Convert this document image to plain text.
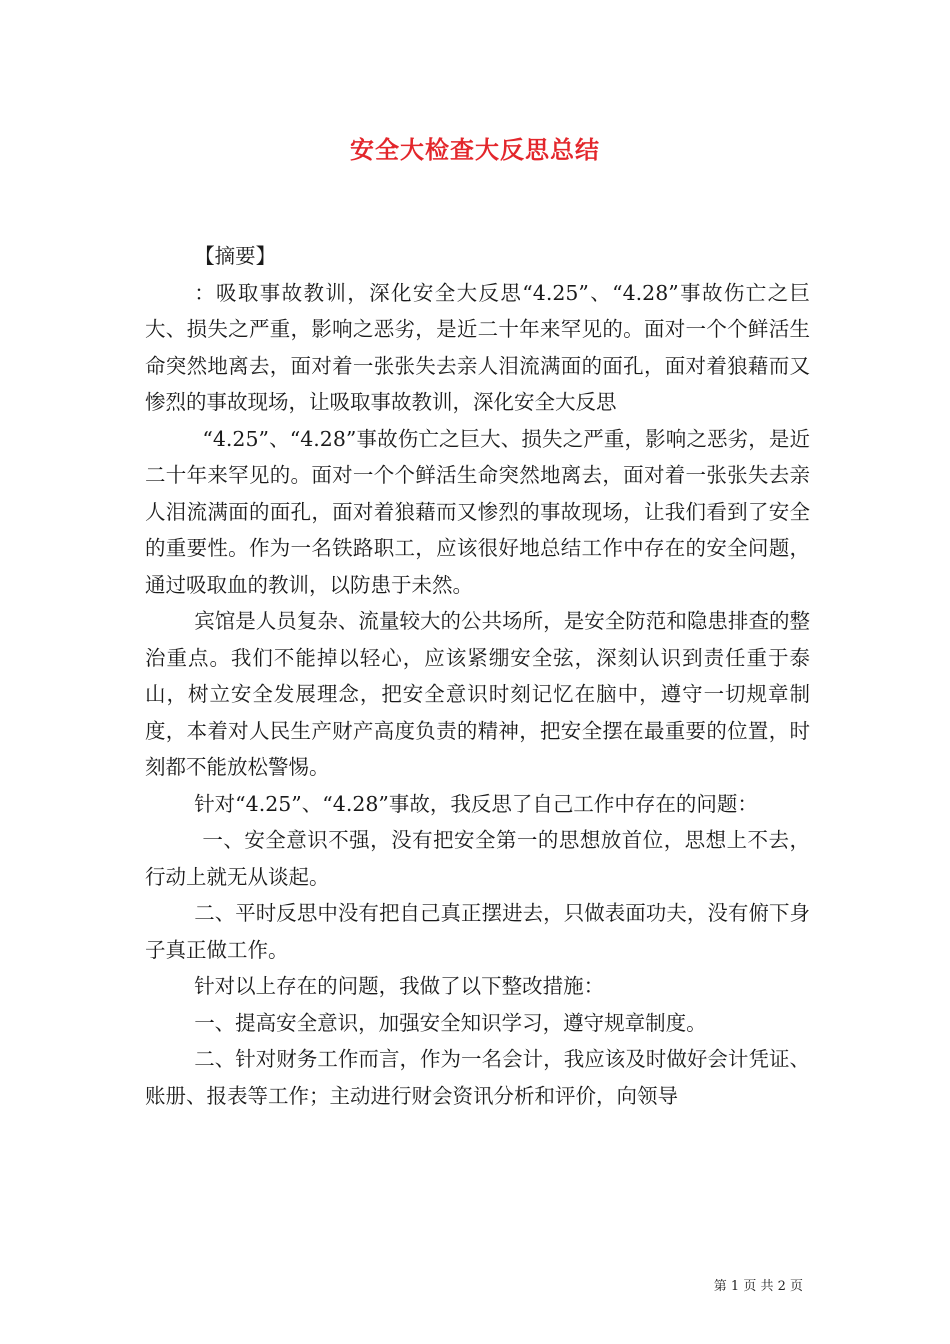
安全大检查大反思总结

【摘要】

：吸取事故教训，深化安全大反思“4.25”、“4.28”事故伤亡之巨大、损失之严重，影响之恶劣，是近二十年来罕见的。面对一个个鲜活生命突然地离去，面对着一张张失去亲人泪流满面的面孔，面对着狼藉而又惨烈的事故现场，让吸取事故教训，深化安全大反思

“4.25”、“4.28”事故伤亡之巨大、损失之严重，影响之恶劣，是近二十年来罕见的。面对一个个鲜活生命突然地离去，面对着一张张失去亲人泪流满面的面孔，面对着狼藉而又惨烈的事故现场，让我们看到了安全的重要性。作为一名铁路职工，应该很好地总结工作中存在的安全问题，通过吸取血的教训，以防患于未然。

宾馆是人员复杂、流量较大的公共场所，是安全防范和隐患排查的整治重点。我们不能掉以轻心，应该紧绷安全弦，深刻认识到责任重于泰山，树立安全发展理念，把安全意识时刻记忆在脑中，遵守一切规章制度，本着对人民生产财产高度负责的精神，把安全摆在最重要的位置，时刻都不能放松警惕。

针对“4.25”、“4.28”事故，我反思了自己工作中存在的问题：

一、安全意识不强，没有把安全第一的思想放首位，思想上不去，行动上就无从谈起。

二、平时反思中没有把自己真正摆进去，只做表面功夫，没有俯下身子真正做工作。

针对以上存在的问题，我做了以下整改措施：

一、提高安全意识，加强安全知识学习，遵守规章制度。

二、针对财务工作而言，作为一名会计，我应该及时做好会计凭证、账册、报表等工作；主动进行财会资讯分析和评价，向领导

第 1 页 共 2 页
